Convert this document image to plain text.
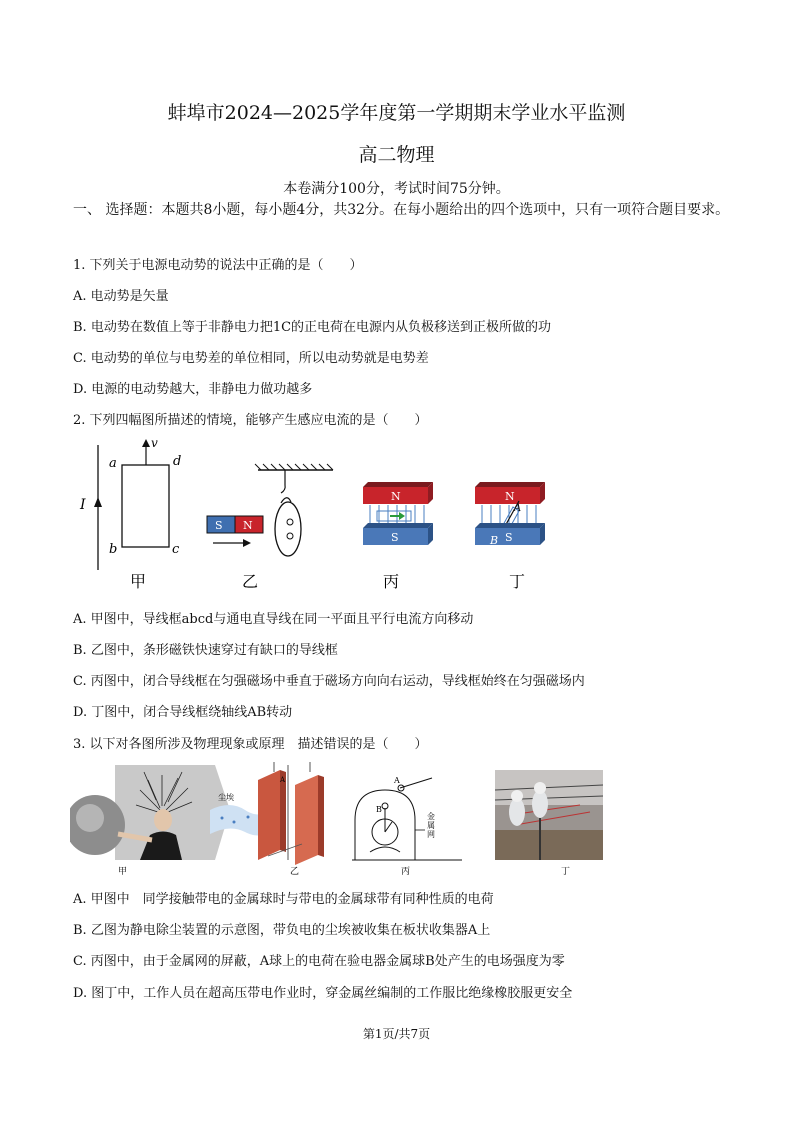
蚌埠市2024—2025学年度第一学期期末学业水平监测
高二物理
本卷满分100分，考试时间75分钟。
一、 选择题：本题共8小题，每小题4分，共32分。在每小题给出的四个选项中，只有一项符合题目要求。
1. 下列关于电源电动势的说法中正确的是（　　）
A. 电动势是矢量
B. 电动势在数值上等于非静电力把1C的正电荷在电源内从负极移送到正极所做的功
C. 电动势的单位与电势差的单位相同，所以电动势就是电势差
D. 电源的电动势越大，非静电力做功越多
2. 下列四幅图所描述的情境，能够产生感应电流的是（　　）
I
a	d
b	c
v
S N
N
S
N
S
B
A
甲	乙	丙	丁
A. 甲图中，导线框abcd与通电直导线在同一平面且平行电流方向移动
B. 乙图中，条形磁铁快速穿过有缺口的导线框
C. 丙图中，闭合导线框在匀强磁场中垂直于磁场方向向右运动，导线框始终在匀强磁场内
D. 丁图中，闭合导线框绕轴线AB转动
3. 以下对各图所涉及物理现象或原理　描述错误的是（　　）
A
尘埃
A
B
金属网
甲	乙	丙	丁
A. 甲图中　同学接触带电的金属球时与带电的金属球带有同种性质的电荷
B. 乙图为静电除尘装置的示意图，带负电的尘埃被收集在板状收集器A上
C. 丙图中，由于金属网的屏蔽，A球上的电荷在验电器金属球B处产生的电场强度为零
D. 图丁中，工作人员在超高压带电作业时，穿金属丝编制的工作服比绝缘橡胶服更安全
第1页/共7页
